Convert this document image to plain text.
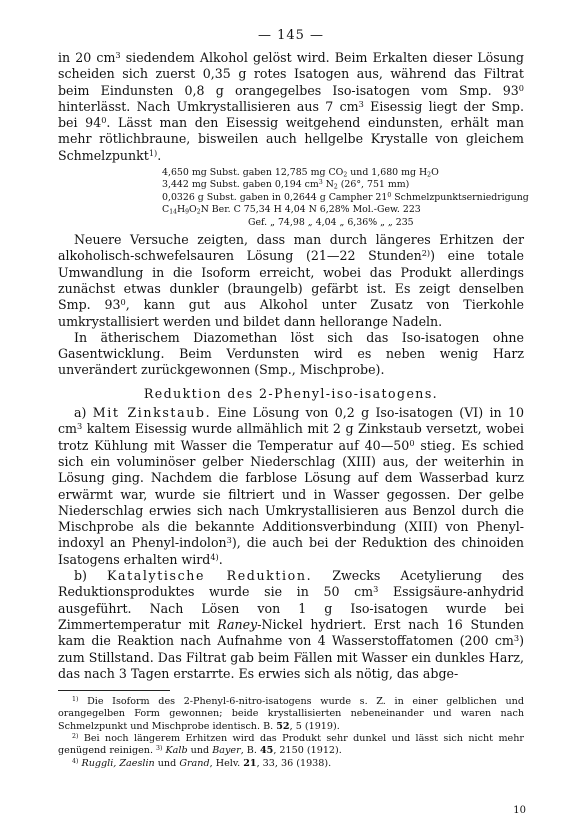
— 145 —

in 20 $cm^3$ siedendem Alkohol gelöst wird. Beim Erkalten dieser Lösung scheiden sich zuerst 0,35 g rotes Isatogen aus, während das Filtrat beim Eindunsten 0,8 g orangegelbes Iso-isatogen vom Smp. $93^0$ hinterlässt. Nach Umkrystallisieren aus 7 $cm^3$ Eisessig liegt der Smp. bei $94^0$. Lässt man den Eisessig weitgehend eindunsten, erhält man mehr rötlichbraune, bisweilen auch hellgelbe Krystalle von gleichem Schmelzpunkt$^{1)}$.

4,650 mg Subst. gaben 12,785 mg $CO_2$ und 1,680 mg $H_2O$
3,442 mg Subst. gaben 0,194 $cm^3$ $N_2$ (26°, 751 mm)
0,0326 g Subst. gaben in 0,2644 g Campher $21^0$ Schmelzpunktserniedrigung
$C_{14}H_9O_2N$ Ber. C 75,34 H 4,04 N 6,28% Mol.-Gew. 223
Gef. „ 74,98 „ 4,04 „ 6,36% „ „ 235

Neuere Versuche zeigten, dass man durch längeres Erhitzen der alkoholisch-schwefelsauren Lösung (21—22 Stunden$^{2)}$) eine totale Umwandlung in die Isoform erreicht, wobei das Produkt allerdings zunächst etwas dunkler (braungelb) gefärbt ist. Es zeigt denselben Smp. $93^0$, kann gut aus Alkohol unter Zusatz von Tierkohle umkrystallisiert werden und bildet dann hellorange Nadeln.

In ätherischem Diazomethan löst sich das Iso-isatogen ohne Gasentwicklung. Beim Verdunsten wird es neben wenig Harz unverändert zurückgewonnen (Smp., Mischprobe).

Reduktion des 2-Phenyl-iso-isatogens.

a) Mit Zinkstaub. Eine Lösung von 0,2 g Iso-isatogen (VI) in 10 $cm^3$ kaltem Eisessig wurde allmählich mit 2 g Zinkstaub versetzt, wobei trotz Kühlung mit Wasser die Temperatur auf $40—50^0$ stieg. Es schied sich ein voluminöser gelber Niederschlag (XIII) aus, der weiterhin in Lösung ging. Nachdem die farblose Lösung auf dem Wasserbad kurz erwärmt war, wurde sie filtriert und in Wasser gegossen. Der gelbe Niederschlag erwies sich nach Umkrystallisieren aus Benzol durch die Mischprobe als die bekannte Additionsverbindung (XIII) von Phenyl-indoxyl an Phenyl-indolon$^3$), die auch bei der Reduktion des chinoiden Isatogens erhalten wird$^{4)}$.

b) Katalytische Reduktion. Zwecks Acetylierung des Reduktionsproduktes wurde sie in 50 $cm^3$ Essigsäure-anhydrid ausgeführt. Nach Lösen von 1 g Iso-isatogen wurde bei Zimmertemperatur mit Raney-Nickel hydriert. Erst nach 16 Stunden kam die Reaktion nach Aufnahme von 4 Wasserstoffatomen (200 $cm^3$) zum Stillstand. Das Filtrat gab beim Fällen mit Wasser ein dunkles Harz, das nach 3 Tagen erstarrte. Es erwies sich als nötig, das abge-

$^{1)}$ Die Isoform des 2-Phenyl-6-nitro-isatogens wurde s. Z. in einer gelblichen und orangegelben Form gewonnen; beide krystallisierten nebeneinander und waren nach Schmelzpunkt und Mischprobe identisch. B. 52, 5 (1919).

$^{2)}$ Bei noch längerem Erhitzen wird das Produkt sehr dunkel und lässt sich nicht mehr genügend reinigen. $^{3)}$ Kalb und Bayer, B. 45, 2150 (1912).

$^{4)}$ Ruggli, Zaeslin und Grand, Helv. 21, 33, 36 (1938).

10
